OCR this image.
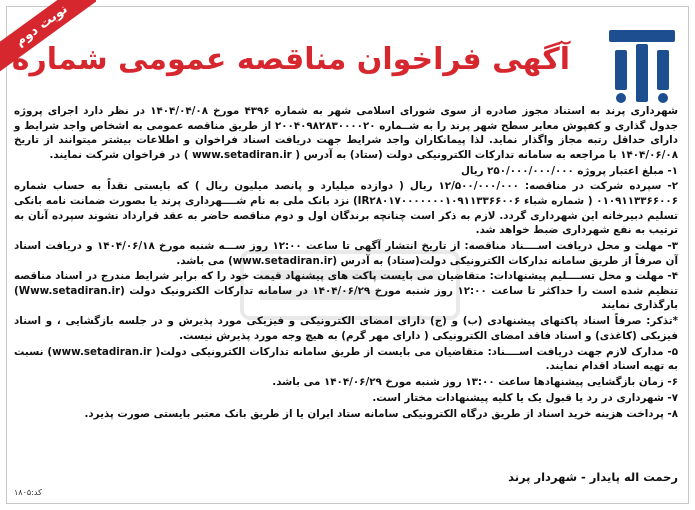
نوبت دوم
آگهی فراخوان مناقصه عمومی شماره

شهرداری پرند به استناد مجوز صادره از سوی شورای اسلامی شهر به شماره ۴۳۹۶ مورخ ۱۴۰۴/۰۴/۰۸ در نظر دارد اجرای پروژه جدول گذاری و کفپوش معابر سطح شهر پرند را به شــماره ۲۰۰۴۰۹۸۲۸۳۰۰۰۰۲۰ از طریق مناقصه عمومی به اشخاص واجد شرایط و دارای حداقل رتبه مجاز واگذار نماید. لذا پیمانکاران واجد شرایط جهت دریافت اسناد فراخوان و اطلاعات بیشتر میتوانند از تاریخ ۱۴۰۴/۰۶/۰۸ با مراجعه به سامانه تدارکات الکترونیکی دولت (ستاد) به آدرس ( www.setadiran.ir ) در فراخوان شرکت نمایند.

۱- مبلغ اعتبار پروژه ۲۵۰/۰۰۰/۰۰۰/۰۰۰ ریال

۲- سپرده شرکت در مناقصه: ۱۲/۵۰۰/۰۰۰/۰۰۰ ریال ( دوازده میلیارد و پانصد میلیون ریال ) که بایستی نقداً به حساب شماره ۰۱۰۹۱۱۳۳۶۶۰۰۶ ( شماره شباء IR۲۸۰۱۷۰۰۰۰۰۰۰۱۰۹۱۱۳۳۶۶۰۰۶) نزد بانک ملی به نام شــــهرداری پرند یا بصورت ضمانت نامه بانکی تسلیم دبیرخانه این شهرداری گردد. لازم به ذکر است چنانچه برندگان اول و دوم مناقصه حاضر به عقد قرارداد نشوند سپرده آنان به ترتیب به نفع شهرداری ضبط خواهد شد.

۳- مهلت و محل دریافت اســــناد مناقصه: از تاریخ انتشار آگهی تا ساعت ۱۲:۰۰ روز ســـه شنبه مورخ ۱۴۰۴/۰۶/۱۸ و دریافت اسناد آن صرفاً از طریق سامانه تدارکات الکترونیکی دولت(ستاد) به آدرس (www.setadiran.ir) می باشد.

۴- مهلت و محل تســــلیم پیشنهادات: متقاضیان می بایست پاکت های پیشنهاد قیمت خود را که برابر شرایط مندرج در اسناد مناقصه تنظیم شده است را حداکثر تا ساعت ۱۲:۰۰ روز شنبه مورخ ۱۴۰۴/۰۶/۲۹ در سامانه تدارکات الکترونیک دولت (Www.setadiran.ir) بارگذاری نمایند

*تذکر: صرفاً اسناد پاکتهای پیشنهادی (ب) و (ج) دارای امضای الکترونیکی و فیزیکی مورد پذیرش و در جلسه بازگشایی ، و اسناد فیزیکی (کاغذی) و اسناد فاقد امضای الکترونیکی ( دارای مهر گرم) به هیچ وجه مورد پذیرش نیست.

۵- مدارک لازم جهت دریافت اســــناد: متقاضیان می بایست از طریق سامانه تدارکات الکترونیکی دولت( www.setadiran.ir) نسبت به تهیه اسناد اقدام نمایند.

۶- زمان بازگشایی پیشنهادها ساعت ۱۳:۰۰ روز شنبه مورخ ۱۴۰۴/۰۶/۲۹ می باشد.

۷- شهرداری در رد یا قبول یک یا کلیه پیشنهادات مختار است.

۸- پرداخت هزینه خرید اسناد از طریق درگاه الکترونیکی سامانه ستاد ایران یا از طریق بانک معتبر بایستی صورت پذیرد.

رحمت اله پایدار - شهردار پرند
کد:۱۸۰۵
